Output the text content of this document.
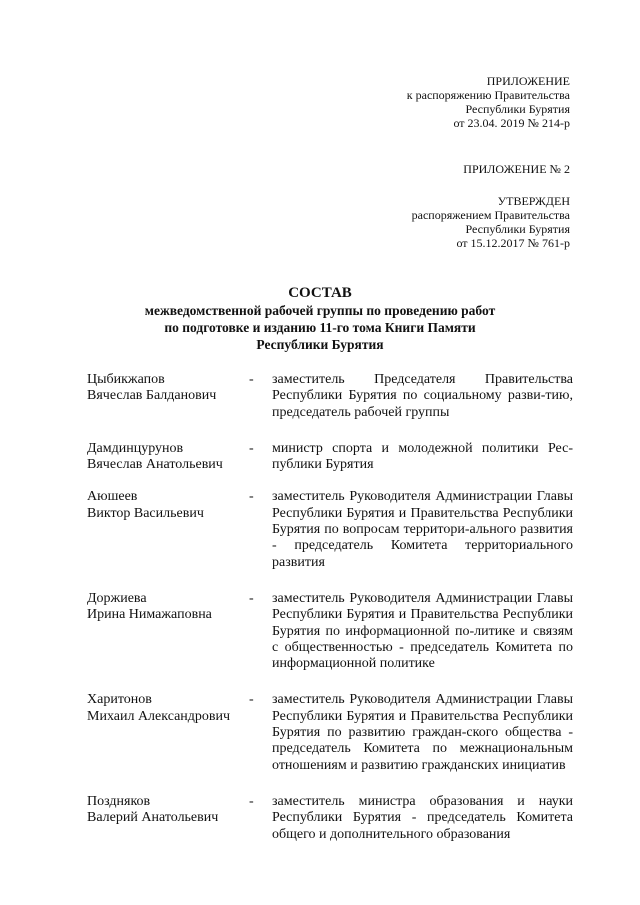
ПРИЛОЖЕНИЕ
к распоряжению Правительства
Республики Бурятия
от 23.04. 2019 № 214-р
ПРИЛОЖЕНИЕ № 2
УТВЕРЖДЕН
распоряжением Правительства
Республики Бурятия
от 15.12.2017 № 761-р
СОСТАВ
межведомственной рабочей группы по проведению работ
по подготовке и изданию 11-го тома Книги Памяти
Республики Бурятия
Цыбикжапов
Вячеслав Балданович
-	заместитель Председателя Правительства Республики Бурятия по социальному разви-тию, председатель рабочей группы
Дамдинцурунов
Вячеслав Анатольевич
-	министр спорта и молодежной политики Рес-публики Бурятия
Аюшеев
Виктор Васильевич
-	заместитель Руководителя Администрации Главы Республики Бурятия и Правительства Республики Бурятия по вопросам территори-ального развития - председатель Комитета территориального развития
Доржиева
Ирина Нимажаповна
-	заместитель Руководителя Администрации Главы Республики Бурятия и Правительства Республики Бурятия по информационной по-литике и связям с общественностью - председатель Комитета по информационной политике
Харитонов
Михаил Александрович
-	заместитель Руководителя Администрации Главы Республики Бурятия и Правительства Республики Бурятия по развитию граждан-ского общества - председатель Комитета по межнациональным отношениям и развитию гражданских инициатив
Поздняков
Валерий Анатольевич
-	заместитель министра образования и науки Республики Бурятия - председатель Комитета общего и дополнительного образования
